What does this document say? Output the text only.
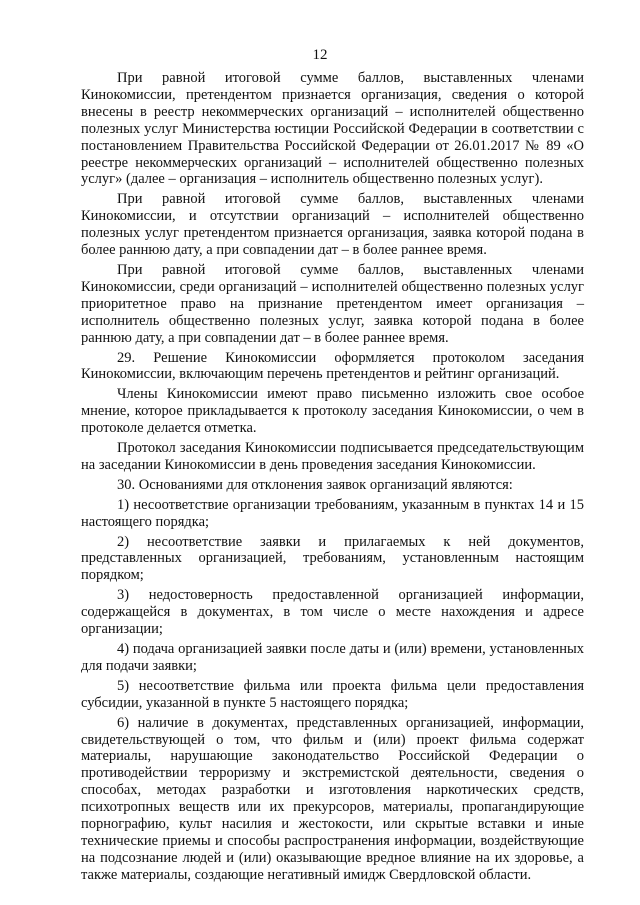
12

При равной итоговой сумме баллов, выставленных членами Кинокомиссии, претендентом признается организация, сведения о которой внесены в реестр некоммерческих организаций – исполнителей общественно полезных услуг Министерства юстиции Российской Федерации в соответствии с постановлением Правительства Российской Федерации от 26.01.2017 № 89 «О реестре некоммерческих организаций – исполнителей общественно полезных услуг» (далее – организация – исполнитель общественно полезных услуг).

При равной итоговой сумме баллов, выставленных членами Кинокомиссии, и отсутствии организаций – исполнителей общественно полезных услуг претендентом признается организация, заявка которой подана в более раннюю дату, а при совпадении дат – в более раннее время.

При равной итоговой сумме баллов, выставленных членами Кинокомиссии, среди организаций – исполнителей общественно полезных услуг приоритетное право на признание претендентом имеет организация – исполнитель общественно полезных услуг, заявка которой подана в более раннюю дату, а при совпадении дат – в более раннее время.

29. Решение Кинокомиссии оформляется протоколом заседания Кинокомиссии, включающим перечень претендентов и рейтинг организаций.

Члены Кинокомиссии имеют право письменно изложить свое особое мнение, которое прикладывается к протоколу заседания Кинокомиссии, о чем в протоколе делается отметка.

Протокол заседания Кинокомиссии подписывается председательствующим на заседании Кинокомиссии в день проведения заседания Кинокомиссии.

30. Основаниями для отклонения заявок организаций являются:

1) несоответствие организации требованиям, указанным в пунктах 14 и 15 настоящего порядка;

2) несоответствие заявки и прилагаемых к ней документов, представленных организацией, требованиям, установленным настоящим порядком;

3) недостоверность предоставленной организацией информации, содержащейся в документах, в том числе о месте нахождения и адресе организации;

4) подача организацией заявки после даты и (или) времени, установленных для подачи заявки;

5) несоответствие фильма или проекта фильма цели предоставления субсидии, указанной в пункте 5 настоящего порядка;

6) наличие в документах, представленных организацией, информации, свидетельствующей о том, что фильм и (или) проект фильма содержат материалы, нарушающие законодательство Российской Федерации о противодействии терроризму и экстремистской деятельности, сведения о способах, методах разработки и изготовления наркотических средств, психотропных веществ или их прекурсоров, материалы, пропагандирующие порнографию, культ насилия и жестокости, или скрытые вставки и иные технические приемы и способы распространения информации, воздействующие на подсознание людей и (или) оказывающие вредное влияние на их здоровье, а также материалы, создающие негативный имидж Свердловской области.
